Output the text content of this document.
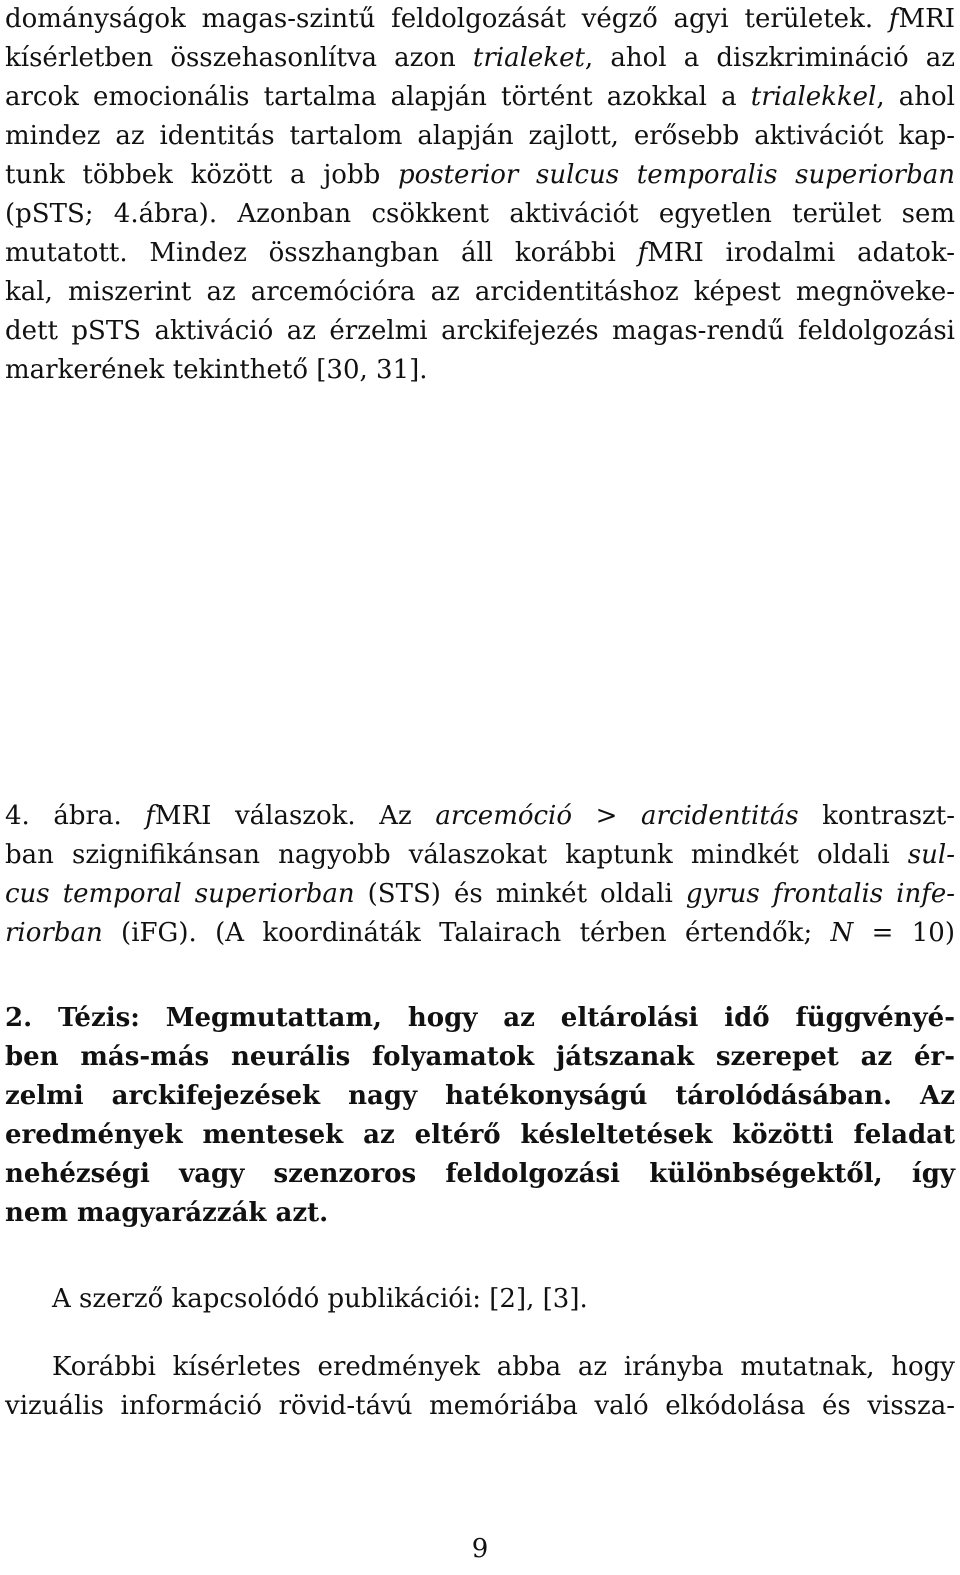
dományságok magas-szintű feldolgozását végző agyi területek. fMRI
kísérletben összehasonlítva azon trialeket, ahol a diszkrimináció az
arcok emocionális tartalma alapján történt azokkal a trialekkel, ahol
mindez az identitás tartalom alapján zajlott, erősebb aktivációt kap-
tunk többek között a jobb posterior sulcus temporalis superiorban
(pSTS; 4.ábra). Azonban csökkent aktivációt egyetlen terület sem
mutatott. Mindez összhangban áll korábbi fMRI irodalmi adatok-
kal, miszerint az arcemócióra az arcidentitáshoz képest megnöveke-
dett pSTS aktiváció az érzelmi arckifejezés magas-rendű feldolgozási
markerének tekinthető [30, 31].
4. ábra. fMRI válaszok. Az arcemóció > arcidentitás kontraszt-
ban szignifikánsan nagyobb válaszokat kaptunk mindkét oldali sul-
cus temporal superiorban (STS) és minkét oldali gyrus frontalis infe-
riorban (iFG). (A koordináták Talairach térben értendők; N = 10)
2. Tézis: Megmutattam, hogy az eltárolási idő függvényé-
ben más-más neurális folyamatok játszanak szerepet az ér-
zelmi arckifejezések nagy hatékonyságú tárolódásában. Az
eredmények mentesek az eltérő késleltetések közötti feladat
nehézségi vagy szenzoros feldolgozási különbségektől, így
nem magyarázzák azt.
A szerző kapcsolódó publikációi: [2], [3].
Korábbi kísérletes eredmények abba az irányba mutatnak, hogy
vizuális információ rövid-távú memóriába való elkódolása és vissza-
9
